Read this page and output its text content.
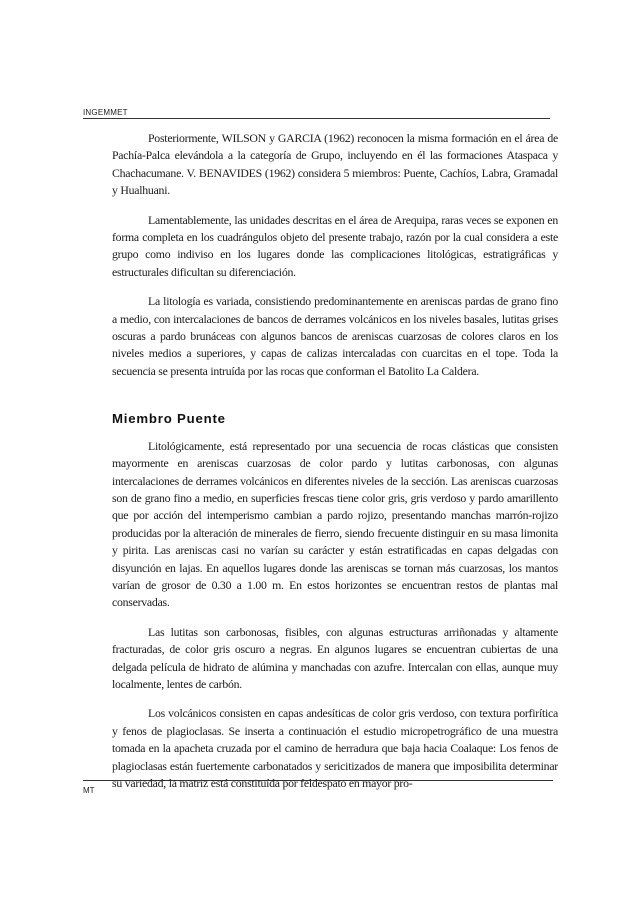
INGEMMET

Posteriormente, WILSON y GARCIA (1962) reconocen la misma formación en el área de Pachía-Palca elevándola a la categoría de Grupo, incluyendo en él las formaciones Ataspaca y Chachacumane. V. BENAVIDES (1962) considera 5 miembros: Puente, Cachíos, Labra, Gramadal y Hualhuani.

Lamentablemente, las unidades descritas en el área de Arequipa, raras veces se exponen en forma completa en los cuadrángulos objeto del presente trabajo, razón por la cual considera a este grupo como indiviso en los lugares donde las complicaciones litológicas, estratigráficas y estructurales dificultan su diferenciación.

La litología es variada, consistiendo predominantemente en areniscas pardas de grano fino a medio, con intercalaciones de bancos de derrames volcánicos en los niveles basales, lutitas grises oscuras a pardo brunáceas con algunos bancos de areniscas cuarzosas de colores claros en los niveles medios a superiores, y capas de calizas intercaladas con cuarcitas en el tope. Toda la secuencia se presenta intruída por las rocas que conforman el Batolito La Caldera.

Miembro Puente

Litológicamente, está representado por una secuencia de rocas clásticas que consisten mayormente en areniscas cuarzosas de color pardo y lutitas carbonosas, con algunas intercalaciones de derrames volcánicos en diferentes niveles de la sección. Las areniscas cuarzosas son de grano fino a medio, en superficies frescas tiene color gris, gris verdoso y pardo amarillento que por acción del intemperismo cambian a pardo rojizo, presentando manchas marrón-rojizo producidas por la alteración de minerales de fierro, siendo frecuente distinguir en su masa limonita y pirita. Las areniscas casi no varían su carácter y están estratificadas en capas delgadas con disyunción en lajas. En aquellos lugares donde las areniscas se tornan más cuarzosas, los mantos varían de grosor de 0.30 a 1.00 m. En estos horizontes se encuentran restos de plantas mal conservadas.

Las lutitas son carbonosas, fisibles, con algunas estructuras arriñonadas y altamente fracturadas, de color gris oscuro a negras. En algunos lugares se encuentran cubiertas de una delgada película de hidrato de alúmina y manchadas con azufre. Intercalan con ellas, aunque muy localmente, lentes de carbón.

Los volcánicos consisten en capas andesíticas de color gris verdoso, con textura porfirítica y fenos de plagioclasas. Se inserta a continuación el estudio micropetrográfico de una muestra tomada en la apacheta cruzada por el camino de herradura que baja hacia Coalaque: Los fenos de plagioclasas están fuertemente carbonatados y sericitizados de manera que imposibilita determinar su variedad, la matriz está constituída por feldespato en mayor pro-

MT
